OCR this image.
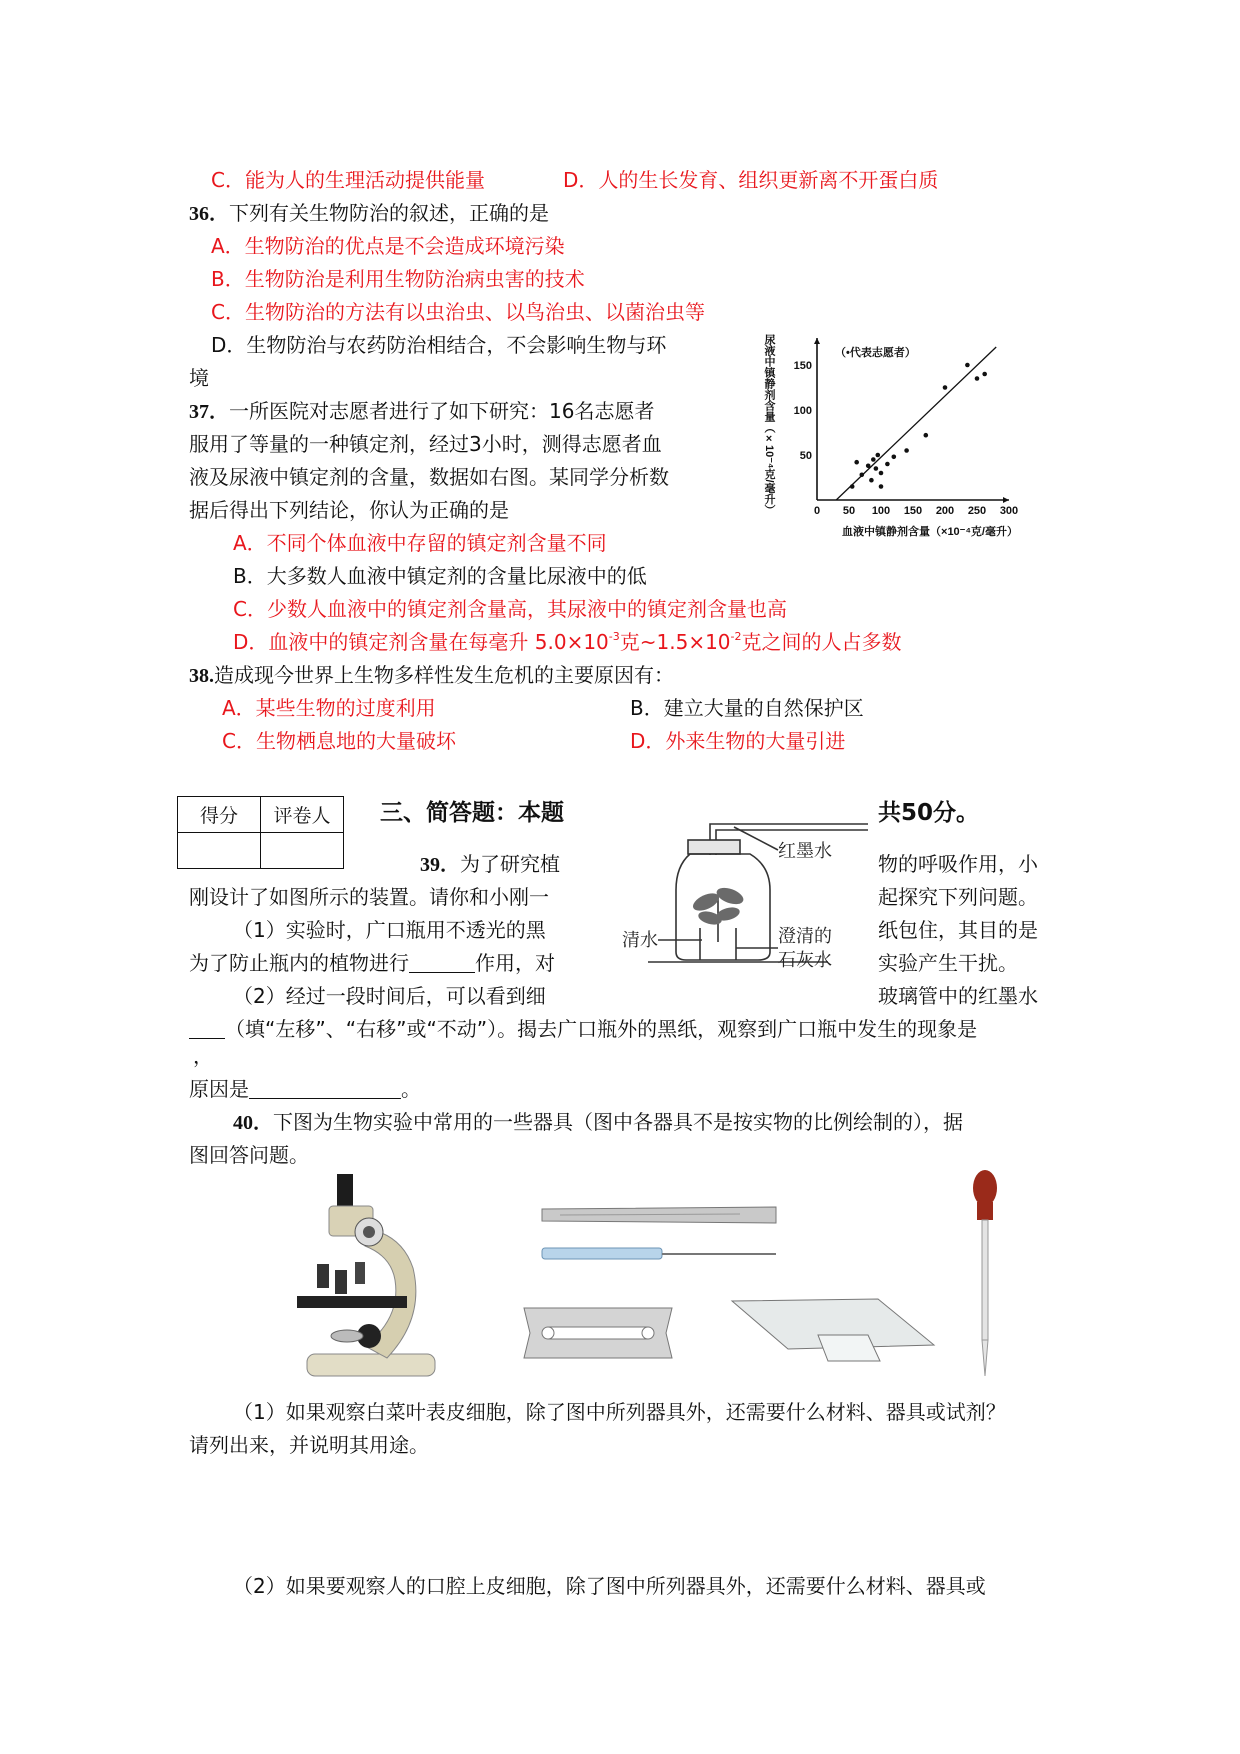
C．能为人的生理活动提供能量	D．人的生长发育、组织更新离不开蛋白质
36．下列有关生物防治的叙述，正确的是
A．生物防治的优点是不会造成环境污染
B．生物防治是利用生物防治病虫害的技术
C．生物防治的方法有以虫治虫、以鸟治虫、以菌治虫等
D．生物防治与农药防治相结合，不会影响生物与环
境
37．一所医院对志愿者进行了如下研究：16名志愿者
服用了等量的一种镇定剂，经过3小时，测得志愿者血
液及尿液中镇定剂的含量，数据如右图。某同学分析数
据后得出下列结论，你认为正确的是
A．不同个体血液中存留的镇定剂含量不同
B．大多数人血液中镇定剂的含量比尿液中的低
C．少数人血液中的镇定剂含量高，其尿液中的镇定剂含量也高
D．血液中的镇定剂含量在每毫升 $5.0\times 10^{-3}$克$\sim 1.5\times 10^{-2}$克之间的人占多数
0 50 100 150 200 250 300
50
100
150
（•代表志愿者）
血液中镇静剂含量（×10⁻⁴克/毫升）
尿液中镇静剂含量（×10⁻⁴克/毫升）
38.造成现今世界上生物多样性发生危机的主要原因有：
A．某些生物的过度利用	B．建立大量的自然保护区
C．生物栖息地的大量破坏	D．外来生物的大量引进
得分	评卷人
	三、简答题：本题	共50分。
39．为了研究植	物的呼吸作用，小
刚设计了如图所示的装置。请你和小刚一	起探究下列问题。
（1）实验时，广口瓶用不透光的黑	纸包住，其目的是
为了防止瓶内的植物进行	作用，对	实验产生干扰。
（2）经过一段时间后，可以看到细	玻璃管中的红墨水
（填“左移”、“右移”或“不动”）。揭去广口瓶外的黑纸，观察到广口瓶中发生的现象是
，
原因是	。
红墨水
清水	澄清的
石灰水
40．下图为生物实验中常用的一些器具（图中各器具不是按实物的比例绘制的），据
图回答问题。
（1）如果观察白菜叶表皮细胞，除了图中所列器具外，还需要什么材料、器具或试剂？
请列出来，并说明其用途。
（2）如果要观察人的口腔上皮细胞，除了图中所列器具外，还需要什么材料、器具或
